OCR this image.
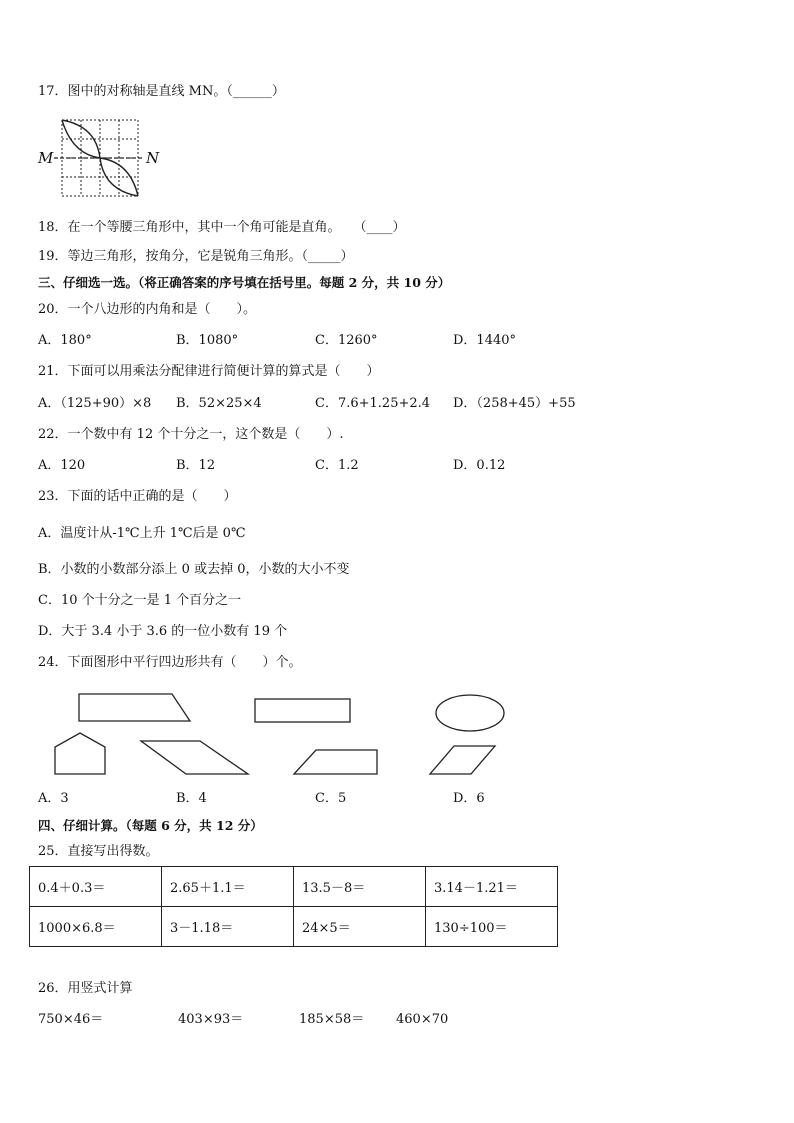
17．图中的对称轴是直线 MN。（______）
M	N
18．在一个等腰三角形中，其中一个角可能是直角。　　（____）
19．等边三角形，按角分，它是锐角三角形。（_____）
三、仔细选一选。（将正确答案的序号填在括号里。每题 2 分，共 10 分）
20．一个八边形的内角和是（　　）。
A．180°	B．1080°	C．1260°	D．1440°
21．下面可以用乘法分配律进行简便计算的算式是（　　）
A．（125+90）×8 B．52×25×4	C．7.6+1.25+2.4 D．（258+45）+55
22．一个数中有 12 个十分之一，这个数是（　　）.
A．120	B．12	C．1.2	D．0.12
23．下面的话中正确的是（　　）
A．温度计从-1℃上升 1℃后是 0℃
B．小数的小数部分添上 0 或去掉 0，小数的大小不变
C．10 个十分之一是 1 个百分之一
D．大于 3.4 小于 3.6 的一位小数有 19 个
24．下面图形中平行四边形共有（　　）个。
A．3	B．4	C．5	D．6
四、仔细计算。（每题 6 分，共 12 分）
25．直接写出得数。
0.4＋0.3＝	2.65＋1.1＝	13.5－8＝	3.14－1.21＝
1000×6.8＝	3－1.18＝	24×5＝	130÷100＝
26．用竖式计算
750×46＝	403×93＝	185×58＝ 460×70
